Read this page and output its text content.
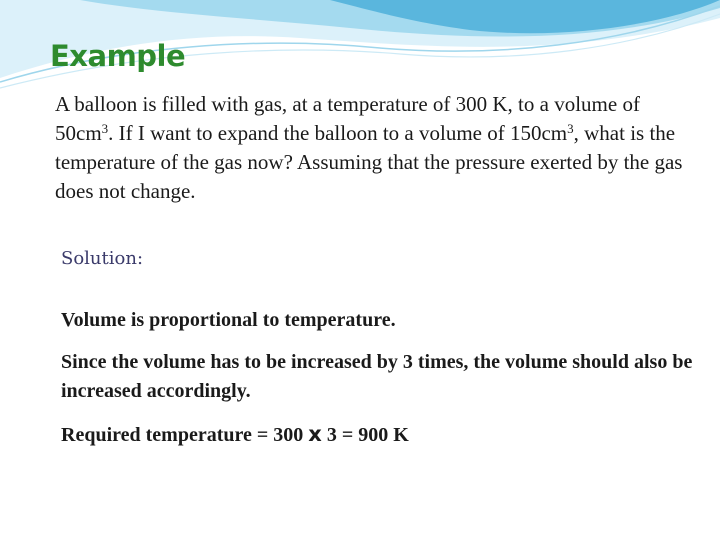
Example

A balloon is filled with gas, at a temperature of 300 K, to a volume of $50cm^3$. If I want to expand the balloon to a volume of $150cm^3$, what is the temperature of the gas now? Assuming that the pressure exerted by the gas does not change.

Solution:

Volume is proportional to temperature.

Since the volume has to be increased by 3 times, the volume should also be increased accordingly.

Required temperature = 300 x 3 = 900 K
